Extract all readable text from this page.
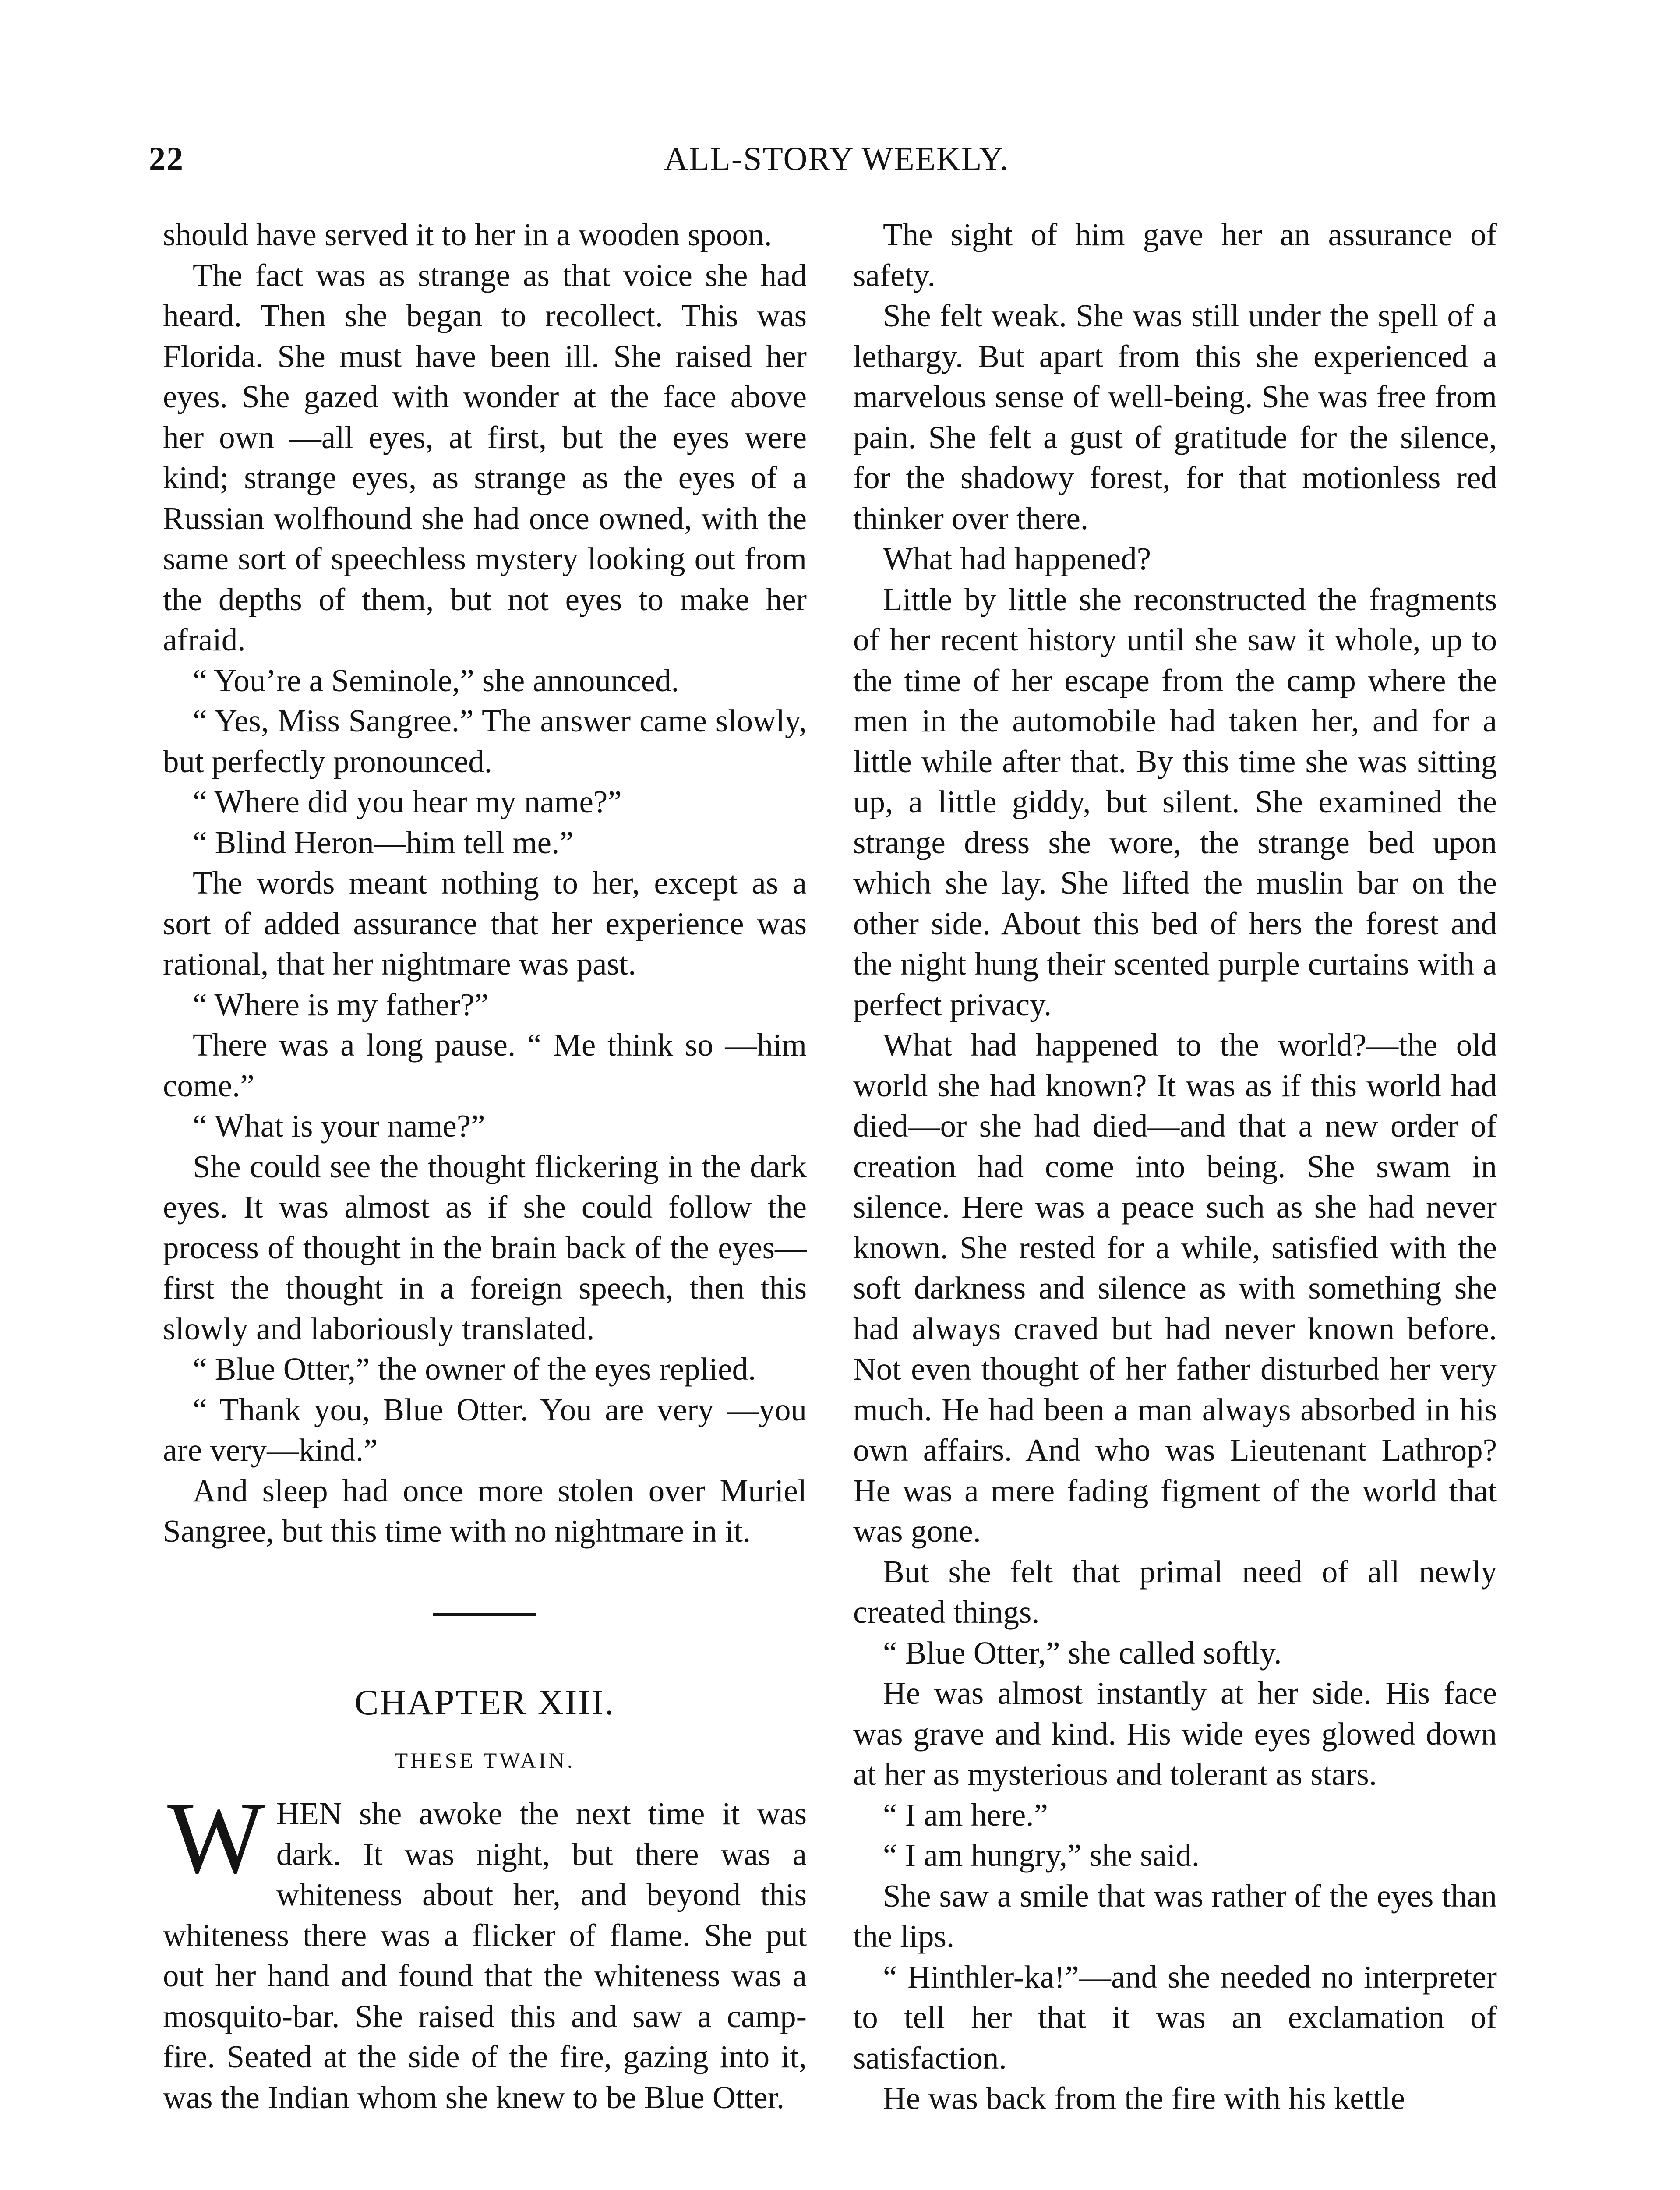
22	ALL-STORY WEEKLY.

should have served it to her in a wooden spoon.

The fact was as strange as that voice she had heard. Then she began to recollect. This was Florida. She must have been ill. She raised her eyes. She gazed with wonder at the face above her own —all eyes, at first, but the eyes were kind; strange eyes, as strange as the eyes of a Russian wolfhound she had once owned, with the same sort of speechless mystery looking out from the depths of them, but not eyes to make her afraid.

“ You’re a Seminole,” she announced.

“ Yes, Miss Sangree.” The answer came slowly, but perfectly pronounced.

“ Where did you hear my name?”

“ Blind Heron—him tell me.”

The words meant nothing to her, except as a sort of added assurance that her experience was rational, that her nightmare was past.

“ Where is my father?”

There was a long pause. “ Me think so —him come.”

“ What is your name?”

She could see the thought flickering in the dark eyes. It was almost as if she could follow the process of thought in the brain back of the eyes—first the thought in a foreign speech, then this slowly and laboriously translated.

“ Blue Otter,” the owner of the eyes replied.

“ Thank you, Blue Otter. You are very —you are very—kind.”

And sleep had once more stolen over Muriel Sangree, but this time with no nightmare in it.

CHAPTER XIII.
THESE TWAIN.

WHEN she awoke the next time it was dark. It was night, but there was a whiteness about her, and beyond this whiteness there was a flicker of flame. She put out her hand and found that the whiteness was a mosquito-bar. She raised this and saw a camp-fire. Seated at the side of the fire, gazing into it, was the Indian whom she knew to be Blue Otter.

The sight of him gave her an assurance of safety.

She felt weak. She was still under the spell of a lethargy. But apart from this she experienced a marvelous sense of well-being. She was free from pain. She felt a gust of gratitude for the silence, for the shadowy forest, for that motionless red thinker over there.

What had happened?

Little by little she reconstructed the fragments of her recent history until she saw it whole, up to the time of her escape from the camp where the men in the automobile had taken her, and for a little while after that. By this time she was sitting up, a little giddy, but silent. She examined the strange dress she wore, the strange bed upon which she lay. She lifted the muslin bar on the other side. About this bed of hers the forest and the night hung their scented purple curtains with a perfect privacy.

What had happened to the world?—the old world she had known? It was as if this world had died—or she had died—and that a new order of creation had come into being. She swam in silence. Here was a peace such as she had never known. She rested for a while, satisfied with the soft darkness and silence as with something she had always craved but had never known before. Not even thought of her father disturbed her very much. He had been a man always absorbed in his own affairs. And who was Lieutenant Lathrop? He was a mere fading figment of the world that was gone.

But she felt that primal need of all newly created things.

“ Blue Otter,” she called softly.

He was almost instantly at her side. His face was grave and kind. His wide eyes glowed down at her as mysterious and tolerant as stars.

“ I am here.”

“ I am hungry,” she said.

She saw a smile that was rather of the eyes than the lips.

“ Hinthler-ka!”—and she needed no interpreter to tell her that it was an exclamation of satisfaction.

He was back from the fire with his kettle
